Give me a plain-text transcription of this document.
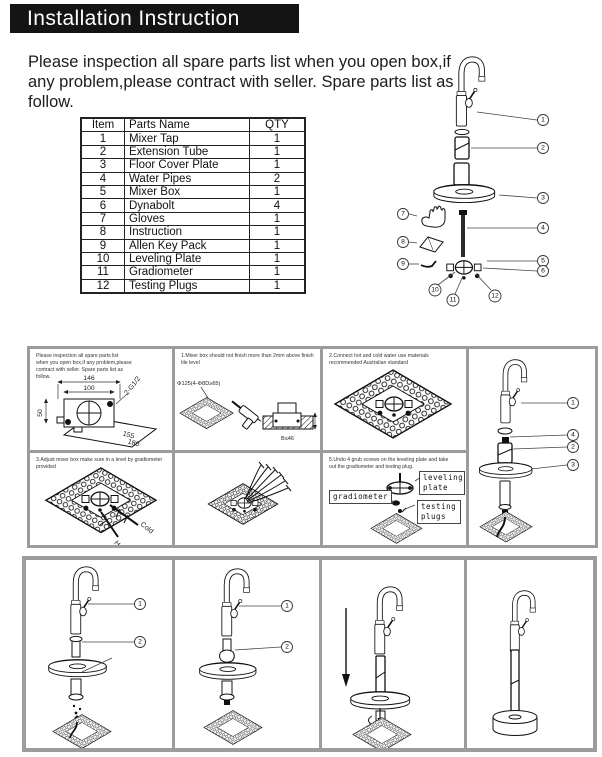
Installation Instruction
Please inspection all spare parts list when you open box,if any problem,please contract with seller. Spare parts list as follow.
Item	Parts Name	QTY
1	Mixer Tap	1
2	Extension Tube	1
3	Floor Cover Plate	1
4	Water Pipes	2
5	Mixer Box	1
6	Dynabolt	4
7	Gloves	1
8	Instruction	1
9	Allen Key Pack	1
10	Leveling Plate	1
11	Gradiometer	1
12	Testing Plugs	1
1
2
3
4
5
6
7
8
9
10
11
12
Please inspection all spare parts list when you open box,if any problem,please contract with seller. Spare parts list as follow.
155
180
146
100
50
2-G1/2
1.Mixer box should not finish more than 2mm above finish tile level
Φ125(4-Φ8D≥65)
B≤46
2.Connect hot and cold water use materials recommended Australian standard
1
4
2
3
3.Adjust mixer box make sure in a level by gradiometer provided
Cold
Hot
5.Undo 4 grub screws on the leveling plate and take out the gradiometer and testing plug.
leveling plate
gradiometer
testing plugs
1
2
1
2
